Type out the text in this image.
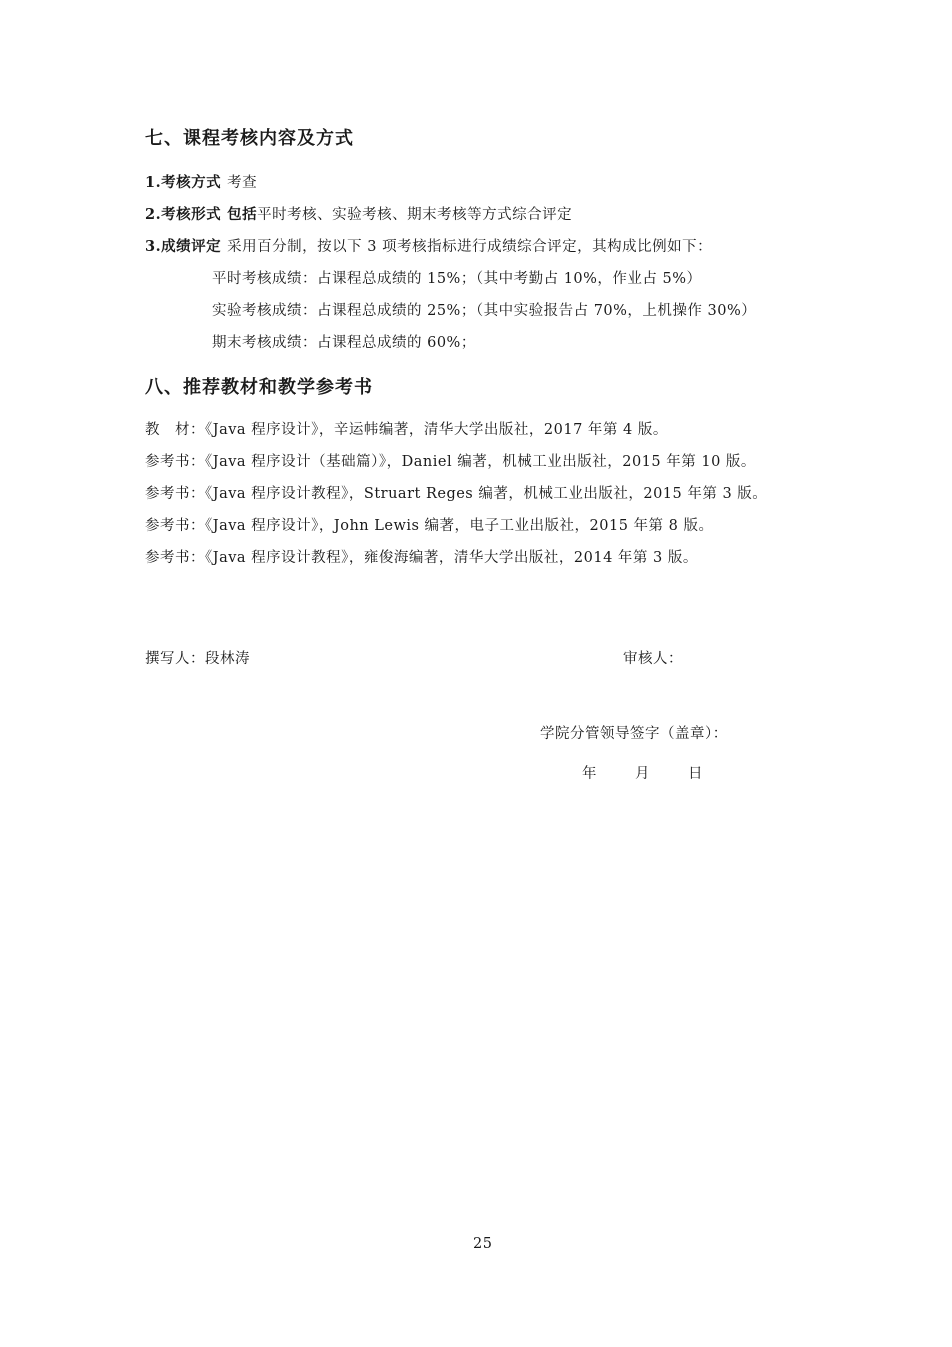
七、课程考核内容及方式
1.考核方式 考查
2.考核形式 包括平时考核、实验考核、期末考核等方式综合评定
3.成绩评定 采用百分制，按以下 3 项考核指标进行成绩综合评定，其构成比例如下：
平时考核成绩：占课程总成绩的 15%；（其中考勤占 10%，作业占 5%）
实验考核成绩：占课程总成绩的 25%；（其中实验报告占 70%，上机操作 30%）
期末考核成绩：占课程总成绩的 60%；
八、推荐教材和教学参考书
教　材：《Java 程序设计》，辛运帏编著，清华大学出版社，2017 年第 4 版。
参考书：《Java 程序设计（基础篇）》，Daniel 编著，机械工业出版社，2015 年第 10 版。
参考书：《Java 程序设计教程》，Struart Reges 编著，机械工业出版社，2015 年第 3 版。
参考书：《Java 程序设计》，John Lewis 编著，电子工业出版社，2015 年第 8 版。
参考书：《Java 程序设计教程》，雍俊海编著，清华大学出版社，2014 年第 3 版。
撰写人：段林涛	审核人：
学院分管领导签字（盖章）：
年	月	日
25
